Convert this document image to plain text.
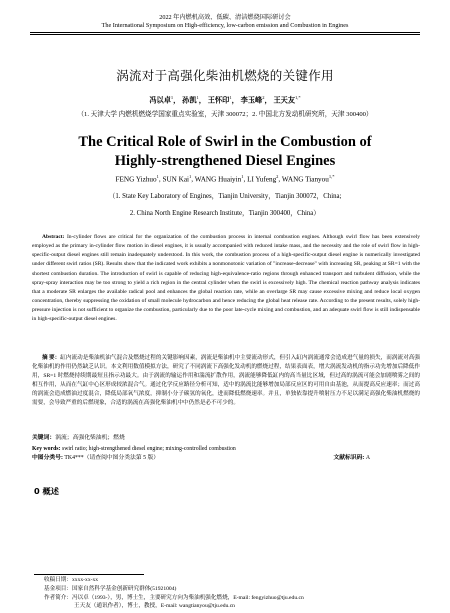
2022 年内燃机高效、低碳、清洁燃烧国际研讨会
The International Symposium on High-efficiency, low-carbon emission and Combustion in Engines
涡流对于高强化柴油机燃烧的关键作用
冯以卓$^1$， 孙凯$^1$， 王怀印$^1$， 李玉峰$^2$， 王天友$^{1,*}$
（1. 天津大学 内燃机燃烧学国家重点实验室，天津 300072；2. 中国北方发动机研究所，天津 300400）
The Critical Role of Swirl in the Combustion of
Highly-strengthened Diesel Engines
FENG Yizhuo$^1$, SUN Kai$^1$, WANG Huaiyin$^1$, LI Yufeng$^2$, WANG Tianyou$^{1,*}$
（1. State Key Laboratory of Engines，Tianjin University，Tianjin 300072，China;
2. China North Engine Research Institute，Tianjin 300400，China）
Abstract: In-cylinder flows are critical for the organization of the combustion process in internal combustion engines. Although swirl flow has been extensively employed as the primary in-cylinder flow motion in diesel engines, it is usually accompanied with reduced intake mass, and the necessity and the role of swirl flow in high-specific-output diesel engines still remain inadequately understood. In this work, the combustion process of a high-specific-output diesel engine is numerically investigated under different swirl ratios (SR). Results show that the indicated work exhibits a nonmonotonic variation of "increase-decrease" with increasing SR, peaking at SR=1 with the shortest combustion duration. The introduction of swirl is capable of reducing high-equivalence-ratio regions through enhanced transport and turbulent diffusion, while the spray-spray interaction may be too strong to yield a rich region in the central cylinder when the swirl is excessively high. The chemical reaction pathway analysis indicates that a moderate SR enlarges the available radical pool and enhances the global reaction rate, while an overlarge SR may cause excessive mixing and reduce local oxygen concentration, thereby suppressing the oxidation of small molecule hydrocarbon and hence reducing the global heat release rate. According to the present results, solely high-pressure injection is not sufficient to organize the combustion, particularly due to the poor late-cycle mixing and combustion, and an adequate swirl flow is still indispensable in high-specific-output diesel engines.
摘 要：缸内流动是柴油机油气混合及燃烧过程的关键影响因素，涡流是柴油机中主要流动形式，但引入缸内涡流通常会造成进气量的损失，而涡流对高强化柴油机的作用仍然缺乏认识。本文利用数值模拟方法，研究了不同涡流下高强化发动机的燃烧过程，结果表面表，增大涡流发动机的指示功先增加后降低作用，SR=1 时燃烧持续期最短且指示功最大。由于涡流的输运作用和湍流扩散作用，涡流能够降低缸内的高当量比区域，但过高的涡流可能会加剧喷雾之间的相互作用，从而在气缸中心区形成较浓混合气。通过化学反应路径分析可知，适中的涡流比能够增加局部反应区的可用自由基池，从而提高反应速率；而过高的涡流会造成燃油过度混合，降低局部氧气浓度，抑制小分子碳氢的氧化，进而降低燃烧速率。并且，单独依靠提升喷射压力不足以满足高强化柴油机燃烧的需要，会导致严重的后燃现象，合适的涡流在高强化柴油机中中仍然是必不可少的。
关键词：涡流；高强化柴油机；燃烧
Key words: swirl ratio; high-strengthened diesel engine; mixing-controlled combustion
中图分类号: TK4***（请查阅中图分类法第 5 版）	文献标识码: A
0 概述
收稿日期：xxxx-xx-xx
基金项目：国家自然科学基金创新研究群体(51921004)
作者简介：冯以卓（1993-），男，博士生，主要研究方向为柴油机强化燃烧，E-mail: fengyizhuo@tju.edu.cn
王天友（通讯作者），博士，教授，E-mail: wangtianyou@tju.edu.cn
